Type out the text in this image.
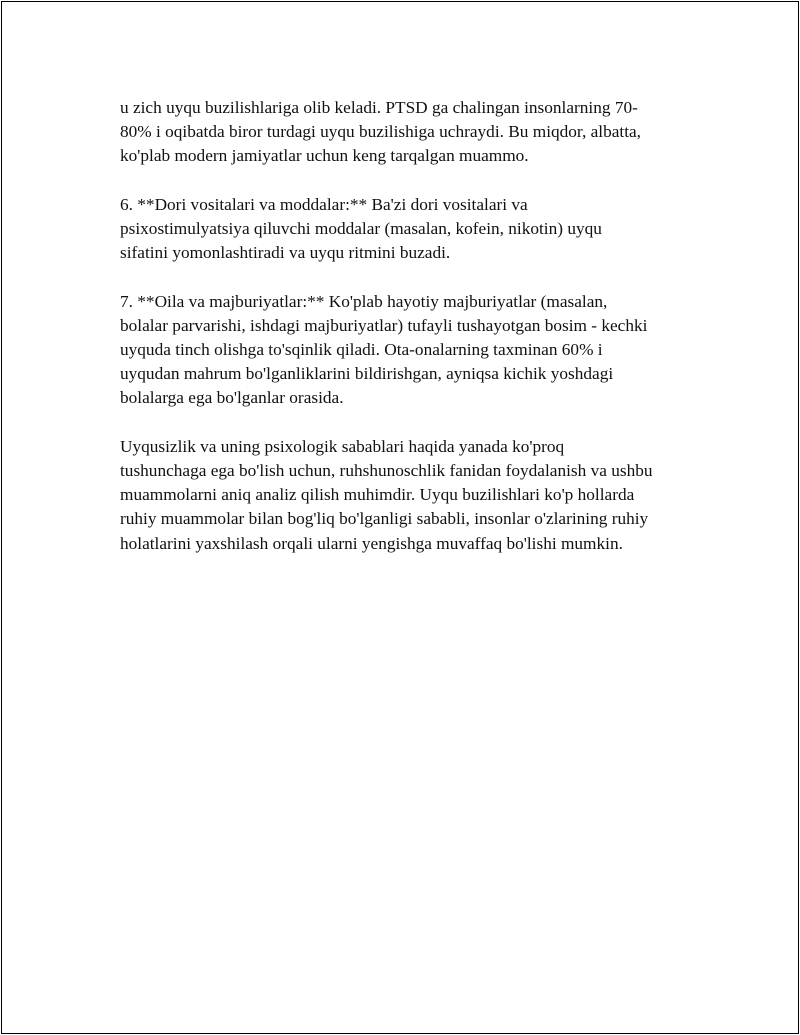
u zich uyqu buzilishlariga olib keladi. PTSD ga chalingan insonlarning 70-
80% i oqibatda biror turdagi uyqu buzilishiga uchraydi. Bu miqdor, albatta,
ko'plab modern jamiyatlar uchun keng tarqalgan muammo.

6. **Dori vositalari va moddalar:** Ba'zi dori vositalari va
psixostimulyatsiya qiluvchi moddalar (masalan, kofein, nikotin) uyqu
sifatini yomonlashtiradi va uyqu ritmini buzadi.

7. **Oila va majburiyatlar:** Ko'plab hayotiy majburiyatlar (masalan,
bolalar parvarishi, ishdagi majburiyatlar) tufayli tushayotgan bosim - kechki
uyquda tinch olishga to'sqinlik qiladi. Ota-onalarning taxminan 60% i
uyqudan mahrum bo'lganliklarini bildirishgan, ayniqsa kichik yoshdagi
bolalarga ega bo'lganlar orasida.

Uyqusizlik va uning psixologik sabablari haqida yanada ko'proq
tushunchaga ega bo'lish uchun, ruhshunoschlik fanidan foydalanish va ushbu
muammolarni aniq analiz qilish muhimdir. Uyqu buzilishlari ko'p hollarda
ruhiy muammolar bilan bog'liq bo'lganligi sababli, insonlar o'zlarining ruhiy
holatlarini yaxshilash orqali ularni yengishga muvaffaq bo'lishi mumkin.
